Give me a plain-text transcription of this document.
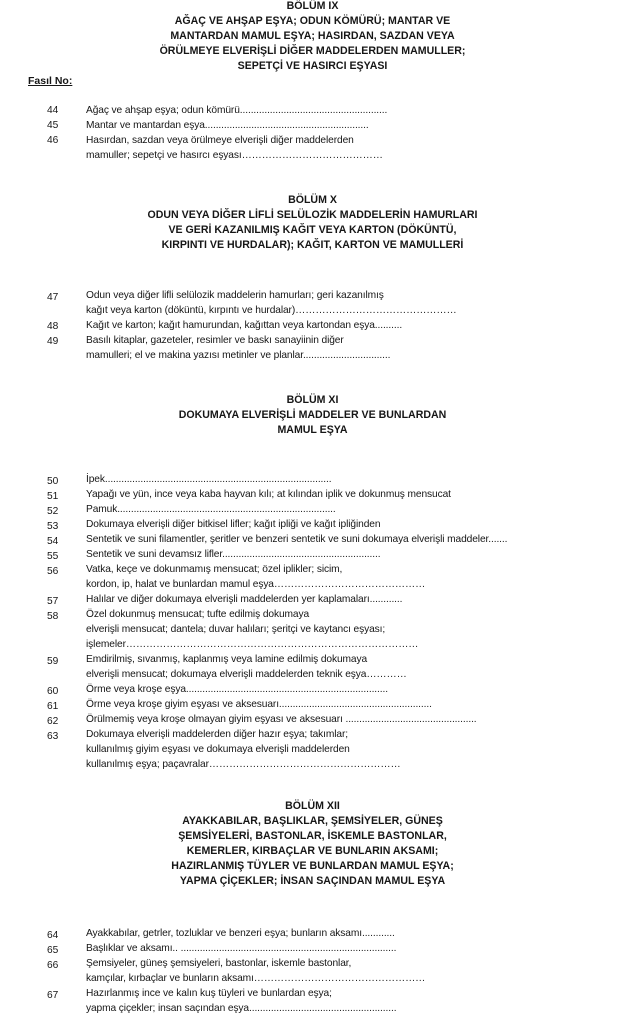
BÖLÜM IX
AĞAÇ VE AHŞAP EŞYA; ODUN KÖMÜRÜ; MANTAR VE
MANTARDAN MAMUL EŞYA; HASIRDAN, SAZDAN VEYA
ÖRÜLMEYE ELVERİŞLİ DİĞER MADDELERDEN MAMULLER;
SEPETÇİ VE HASIRCI EŞYASI
Fasıl No:
44	Ağaç ve ahşap eşya; odun kömürü......................................................
45	Mantar ve mantardan eşya............................................................
46	Hasırdan, sazdan veya örülmeye elverişli diğer maddelerden
mamuller; sepetçi ve hasırcı eşyası……………………………………
BÖLÜM X
ODUN VEYA DİĞER LİFLİ SELÜLOZİK MADDELERİN HAMURLARI
VE GERİ KAZANILMIŞ KAĞIT VEYA KARTON (DÖKÜNTÜ,
KIRPINTI VE HURDALAR); KAĞIT, KARTON VE MAMULLERİ
47	Odun veya diğer lifli selülozik maddelerin hamurları; geri kazanılmış
kağıt veya karton (döküntü, kırpıntı ve hurdalar)…………………………………………
48	Kağıt ve karton; kağıt hamurundan, kağıttan veya kartondan eşya..........
49	Basılı kitaplar, gazeteler, resimler ve baskı sanayiinin diğer
mamulleri; el ve makina yazısı metinler ve planlar................................
BÖLÜM XI
DOKUMAYA ELVERİŞLİ MADDELER VE BUNLARDAN
MAMUL EŞYA
50	İpek...................................................................................
51	Yapağı ve yün, ince veya kaba hayvan kılı; at kılından iplik ve dokunmuş mensucat
52	Pamuk................................................................................
53	Dokumaya elverişli diğer bitkisel lifler; kağıt ipliği ve kağıt ipliğinden
54	Sentetik ve suni filamentler, şeritler ve benzeri sentetik ve suni dokumaya elverişli maddeler.......
55	Sentetik ve suni devamsız lifler..........................................................
56	Vatka, keçe ve dokunmamış mensucat; özel iplikler; sicim,
kordon, ip, halat ve bunlardan mamul eşya………………………………………
57	Halılar ve diğer dokumaya elverişli maddelerden yer kaplamaları............
58	Özel dokunmuş mensucat; tufte edilmiş dokumaya
elverişli mensucat; dantela; duvar halıları; şeritçi ve kaytancı eşyası;
işlemeler……………………………………………………………………………
59	Emdirilmiş, sıvanmış, kaplanmış veya lamine edilmiş dokumaya
elverişli mensucat; dokumaya elverişli maddelerden teknik eşya…………
60	Örme veya kroşe eşya..........................................................................
61	Örme veya kroşe giyim eşyası ve aksesuarı........................................................
62	Örülmemiş veya kroşe olmayan giyim eşyası ve aksesuarı ................................................
63	Dokumaya elverişli maddelerden diğer hazır eşya; takımlar;
kullanılmış giyim eşyası ve dokumaya elverişli maddelerden
kullanılmış eşya; paçavralar…………………………………………………
BÖLÜM XII
AYAKKABILAR, BAŞLIKLAR, ŞEMSİYELER, GÜNEŞ
ŞEMSİYELERİ, BASTONLAR, İSKEMLE BASTONLAR,
KEMERLER, KIRBAÇLAR VE BUNLARIN AKSAMI;
HAZIRLANMIŞ TÜYLER VE BUNLARDAN MAMUL EŞYA;
YAPMA ÇİÇEKLER; İNSAN SAÇINDAN MAMUL EŞYA
64	Ayakkabılar, getrler, tozluklar ve benzeri eşya; bunların aksamı............
65	Başlıklar ve aksamı.. ...............................................................................
66	Şemsiyeler, güneş şemsiyeleri, bastonlar, iskemle bastonlar,
kamçılar, kırbaçlar ve bunların aksamı……………………………………………
67	Hazırlanmış ince ve kalın kuş tüyleri ve bunlardan eşya;
yapma çiçekler; insan saçından eşya......................................................
